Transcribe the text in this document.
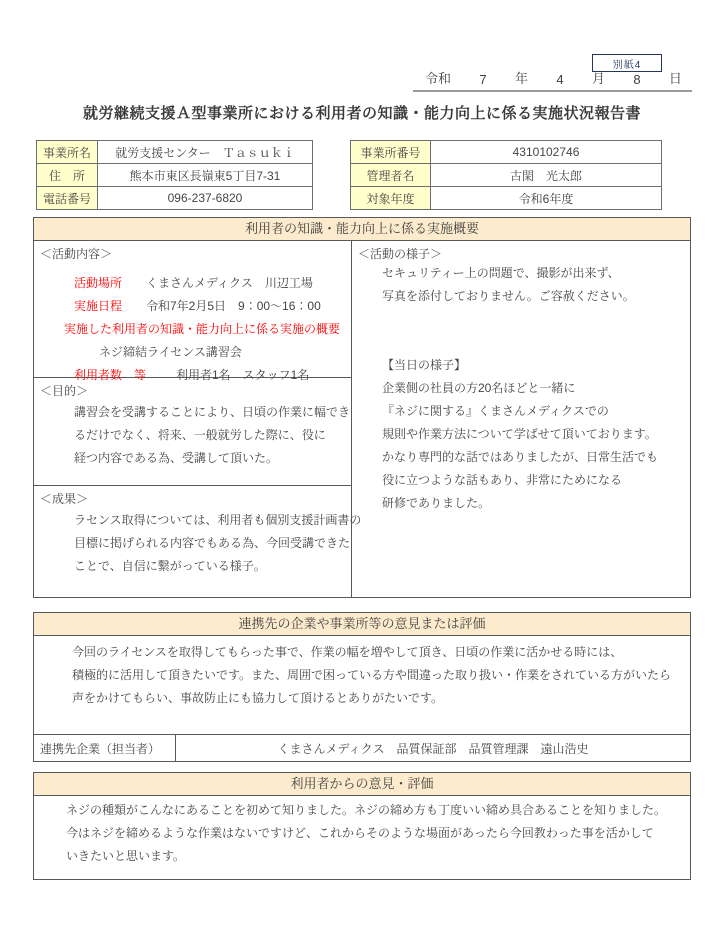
別紙4
令和 7 年 4 月 8 日
就労継続支援Ａ型事業所における利用者の知識・能力向上に係る実施状況報告書
事業所名	就労支援センター　Ｔａｓｕｋｉ
住　所	熊本市東区長嶺東5丁目7-31
電話番号	096-237-6820
事業所番号	4310102746
管理者名	古閑　光太郎
対象年度	令和6年度
利用者の知識・能力向上に係る実施概要
＜活動内容＞
活動場所 くまさんメディクス　川辺工場
実施日程 令和7年2月5日　9：00～16：00
実施した利用者の知識・能力向上に係る実施の概要
ネジ締結ライセンス講習会
利用者数　等 利用者1名　スタッフ1名
＜目的＞
講習会を受講することにより、日頃の作業に幅でき
るだけでなく、将来、一般就労した際に、役に
経つ内容である為、受講して頂いた。
＜成果＞
ラセンス取得については、利用者も個別支援計画書の
目標に掲げられる内容でもある為、今回受講できた
ことで、自信に繋がっている様子。
＜活動の様子＞
セキュリティー上の問題で、撮影が出来ず、
写真を添付しておりません。ご容赦ください。
【当日の様子】
企業側の社員の方20名ほどと一緒に
『ネジに関する』くまさんメディクスでの
規則や作業方法について学ばせて頂いております。
かなり専門的な話ではありましたが、日常生活でも
役に立つような話もあり、非常にためになる
研修でありました。
連携先の企業や事業所等の意見または評価
今回のライセンスを取得してもらった事で、作業の幅を増やして頂き、日頃の作業に活かせる時には、
積極的に活用して頂きたいです。また、周囲で困っている方や間違った取り扱い・作業をされている方がいたら
声をかけてもらい、事故防止にも協力して頂けるとありがたいです。
連携先企業（担当者）	くまさんメディクス　品質保証部　品質管理課　遠山浩史
利用者からの意見・評価
ネジの種類がこんなにあることを初めて知りました。ネジの締め方も丁度いい締め具合あることを知りました。
今はネジを締めるような作業はないですけど、これからそのような場面があったら今回教わった事を活かして
いきたいと思います。
